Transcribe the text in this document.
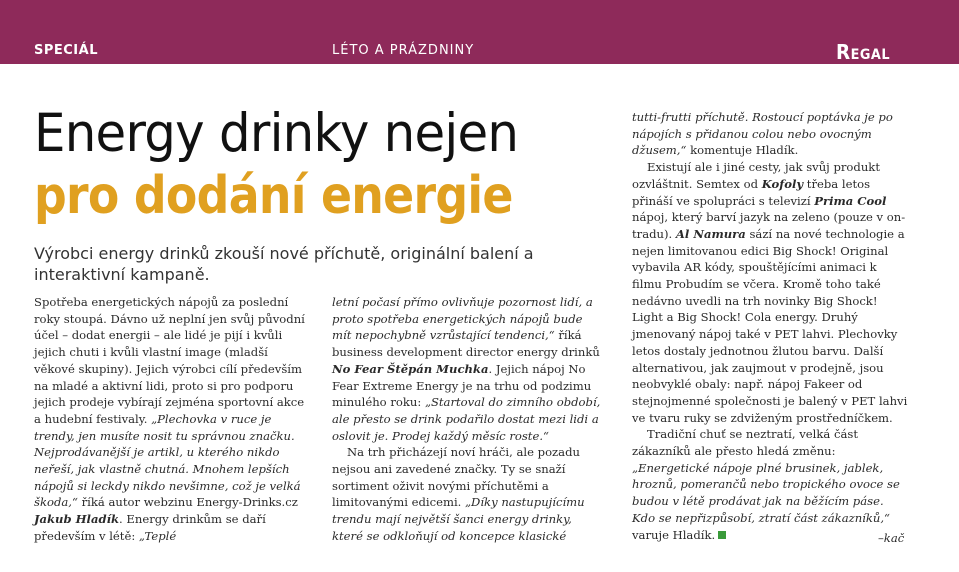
SPECIÁL	LÉTO A PRÁZDNINY	Regal
Energy drinky nejen
pro dodání energie
Výrobci energy drinků zkouší nové příchutě, originální balení a interaktivní kampaně.

Spotřeba energetických nápojů za poslední roky stoupá. Dávno už neplní jen svůj původní účel – dodat energii – ale lidé je pijí i kvůli jejich chuti i kvůli vlastní image (mladší věkové skupiny). Jejich výrobci cílí především na mladé a aktivní lidi, proto si pro podporu jejich prodeje vybírají zejména sportovní akce a hudební festivaly. „Plechovka v ruce je trendy, jen musíte nosit tu správnou značku. Nejprodávanější je artikl, u kterého nikdo neřeší, jak vlastně chutná. Mnohem lepších nápojů si leckdy nikdo nevšimne, což je velká škoda,“ říká autor webzinu Energy-Drinks.cz Jakub Hladík. Energy drinkům se daří především v létě: „Teplé

letní počasí přímo ovlivňuje pozornost lidí, a proto spotřeba energetických nápojů bude mít nepochybně vzrůstající tendenci,“ říká business development director energy drinků No Fear Štěpán Muchka. Jejich nápoj No Fear Extreme Energy je na trhu od podzimu minulého roku: „Startoval do zimního období, ale přesto se drink podařilo dostat mezi lidi a oslovit je. Prodej každý měsíc roste.“

Na trh přicházejí noví hráči, ale pozadu nejsou ani zavedené značky. Ty se snaží sortiment oživit novými příchutěmi a limitovanými edicemi. „Díky nastupujícímu trendu mají největší šanci energy drinky, které se odkloňují od koncepce klasické

tutti-frutti příchutě. Rostoucí poptávka je po nápojích s přidanou colou nebo ovocným džusem,“ komentuje Hladík.

Existují ale i jiné cesty, jak svůj produkt ozvláštnit. Semtex od Kofoly třeba letos přináší ve spolupráci s televizí Prima Cool nápoj, který barví jazyk na zeleno (pouze v on-tradu). Al Namura sází na nové technologie a nejen limitovanou edici Big Shock! Original vybavila AR kódy, spouštějícími animaci k filmu Probudím se včera. Kromě toho také nedávno uvedli na trh novinky Big Shock! Light a Big Shock! Cola energy. Druhý jmenovaný nápoj také v PET lahvi. Plechovky letos dostaly jednotnou žlutou barvu. Další alternativou, jak zaujmout v prodejně, jsou neobvyklé obaly: např. nápoj Fakeer od stejnojmenné společnosti je balený v PET lahvi ve tvaru ruky se zdviženým prostředníčkem.

Tradiční chuť se neztratí, velká část zákazníků ale přesto hledá změnu: „Energetické nápoje plné brusinek, jablek, hroznů, pomerančů nebo tropického ovoce se budou v létě prodávat jak na běžícím páse. Kdo se nepřizpůsobí, ztratí část zákazníků,“ varuje Hladík.	–kač
